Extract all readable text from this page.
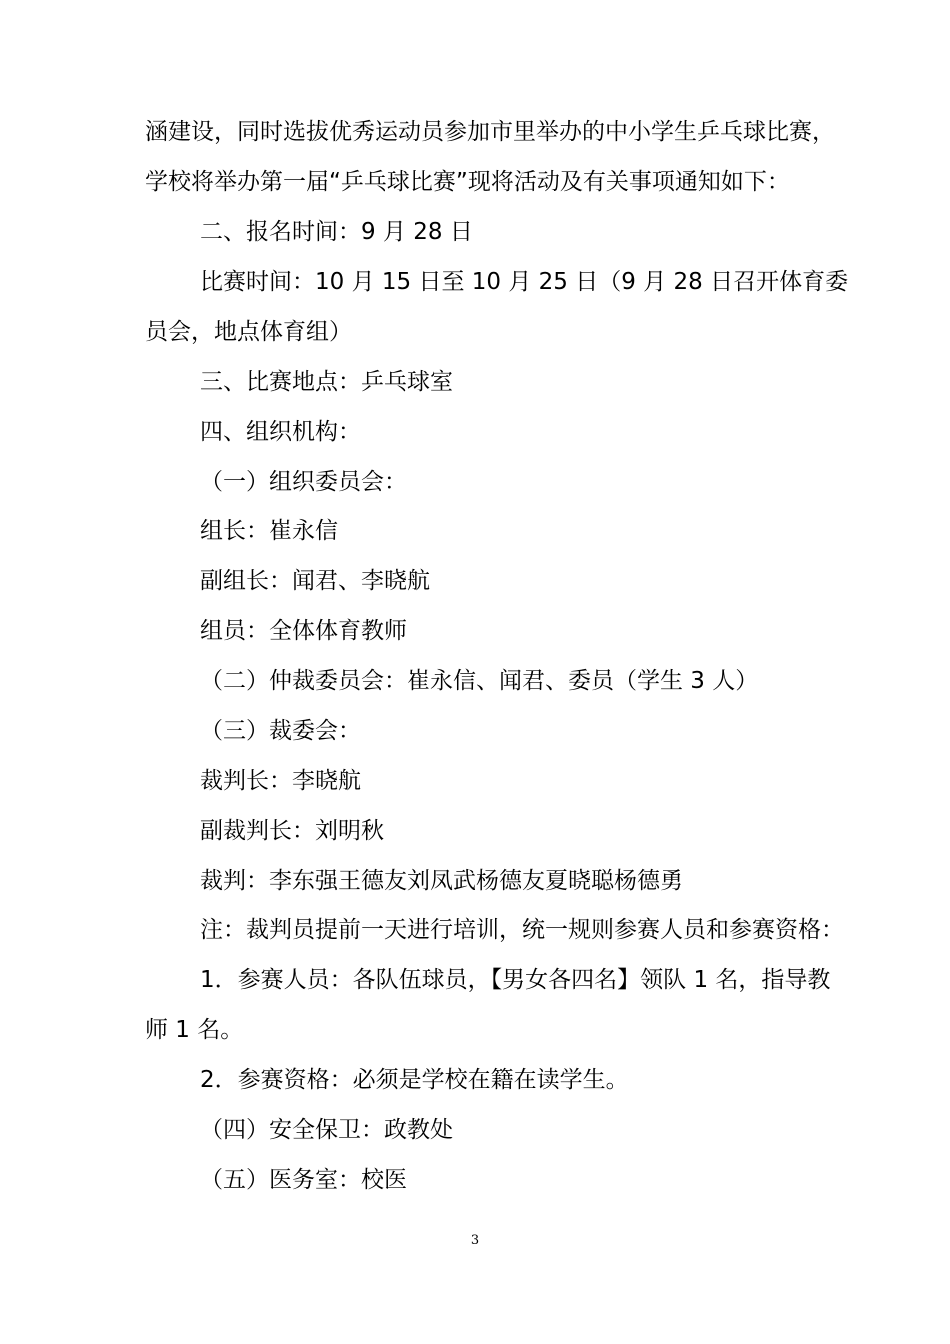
涵建设，同时选拔优秀运动员参加市里举办的中小学生乒乓球比赛，
学校将举办第一届“乒乓球比赛”现将活动及有关事项通知如下：
二、报名时间：9 月 28 日
比赛时间：10 月 15 日至 10 月 25 日（9 月 28 日召开体育委
员会，地点体育组）
三、比赛地点：乒乓球室
四、组织机构：
（一）组织委员会：
组长：崔永信
副组长：闻君、李晓航
组员：全体体育教师
（二）仲裁委员会：崔永信、闻君、委员（学生 3 人）
（三）裁委会：
裁判长：李晓航
副裁判长：刘明秋
裁判：李东强王德友刘凤武杨德友夏晓聪杨德勇
注：裁判员提前一天进行培训，统一规则参赛人员和参赛资格：
1．参赛人员：各队伍球员，【男女各四名】领队 1 名，指导教
师 1 名。
2．参赛资格：必须是学校在籍在读学生。
（四）安全保卫：政教处
（五）医务室：校医
3
